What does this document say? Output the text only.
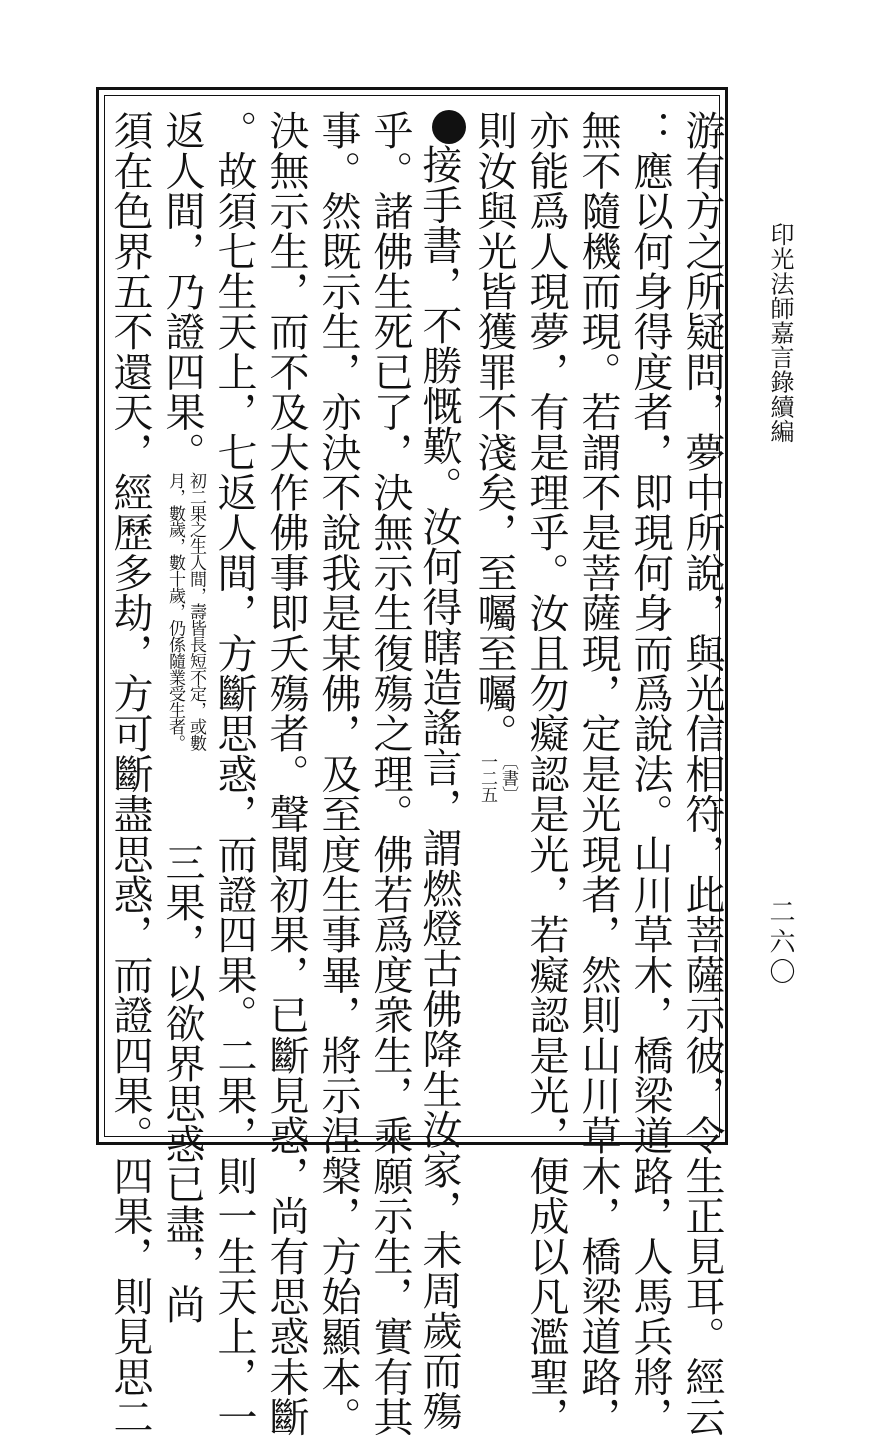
印光法師嘉言錄續編

二六〇

游有方之所疑問，夢中所說，與光信相符，此菩薩示彼，令生正見耳。經云

：應以何身得度者，即現何身而爲說法。山川草木，橋梁道路，人馬兵將，

無不隨機而現。若謂不是菩薩現，定是光現者，然則山川草木，橋梁道路，

亦能爲人現夢，有是理乎。汝且勿癡認是光，若癡認是光，便成以凡濫聖，

則汝與光皆獲罪不淺矣，至囑至囑。
〔書〕
一二五

接手書，不勝慨歎。汝何得瞎造謠言，謂燃燈古佛降生汝家，未周歲而殤

乎。諸佛生死已了，決無示生復殤之理。佛若爲度衆生，乘願示生，實有其

事。然既示生，亦決不說我是某佛，及至度生事畢，將示涅槃，方始顯本。

決無示生，而不及大作佛事即夭殤者。聲聞初果，已斷見惑，尚有思惑未斷

。故須七生天上，七返人間，方斷思惑，而證四果。二果，則一生天上，一

返人間，乃證四果。
初二果之生人間，壽皆長短不定，或數
月，數歲，數十歲，仍係隨業受生者。
三果，以欲界思惑已盡，尚

須在色界五不還天，經歷多劫，方可斷盡思惑，而證四果。四果，則見思二
